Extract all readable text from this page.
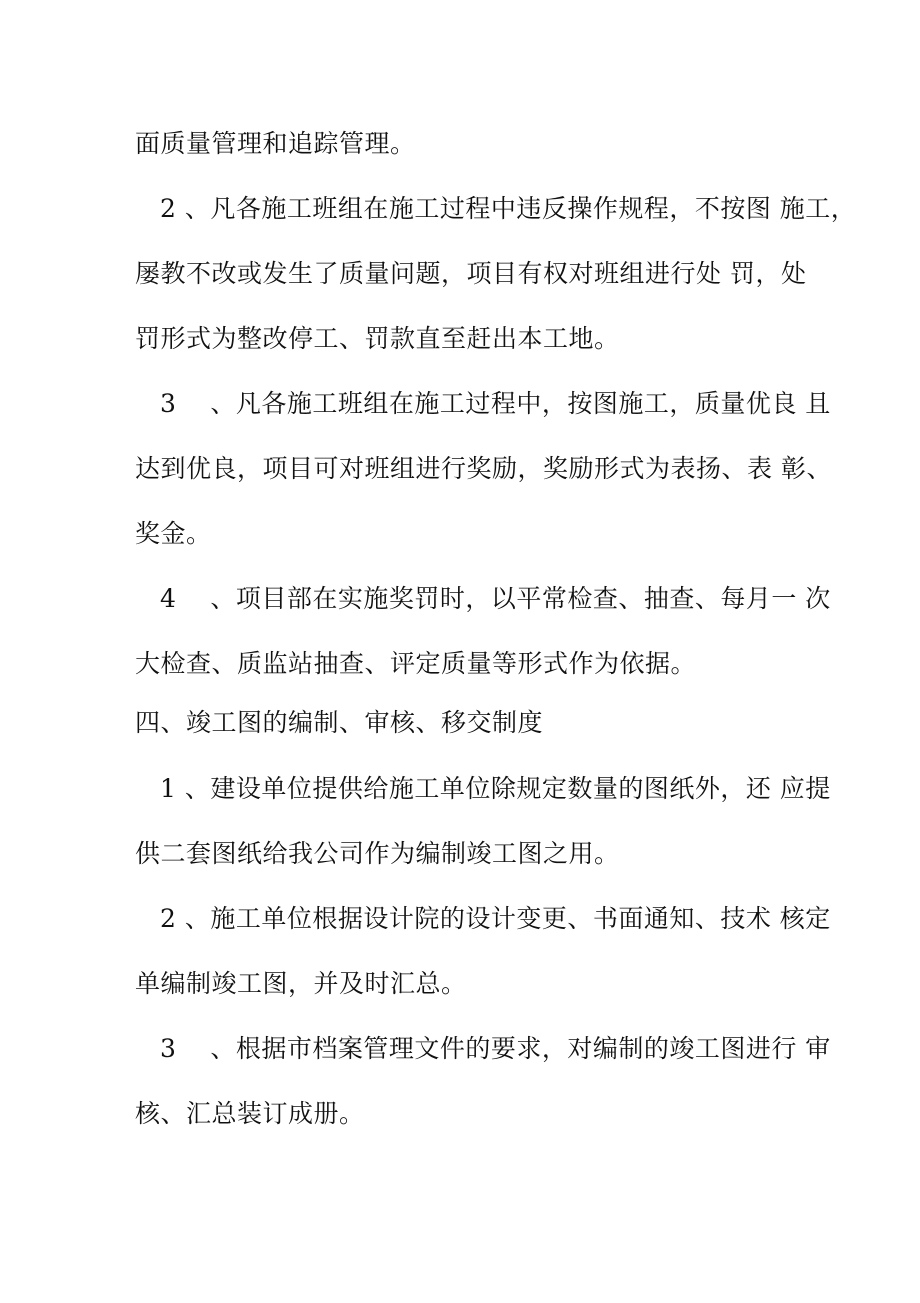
面质量管理和追踪管理。
2 、凡各施工班组在施工过程中违反操作规程，不按图 施工，
屡教不改或发生了质量问题，项目有权对班组进行处 罚，处
罚形式为整改停工、罚款直至赶出本工地。
3 　、凡各施工班组在施工过程中，按图施工，质量优良 且
达到优良，项目可对班组进行奖励，奖励形式为表扬、表 彰、
奖金。
4 　、项目部在实施奖罚时，以平常检查、抽查、每月一 次
大检查、质监站抽查、评定质量等形式作为依据。
四、竣工图的编制、审核、移交制度
1 、建设单位提供给施工单位除规定数量的图纸外，还 应提
供二套图纸给我公司作为编制竣工图之用。
2 、施工单位根据设计院的设计变更、书面通知、技术 核定
单编制竣工图，并及时汇总。
3 　、根据市档案管理文件的要求，对编制的竣工图进行 审
核、汇总装订成册。
